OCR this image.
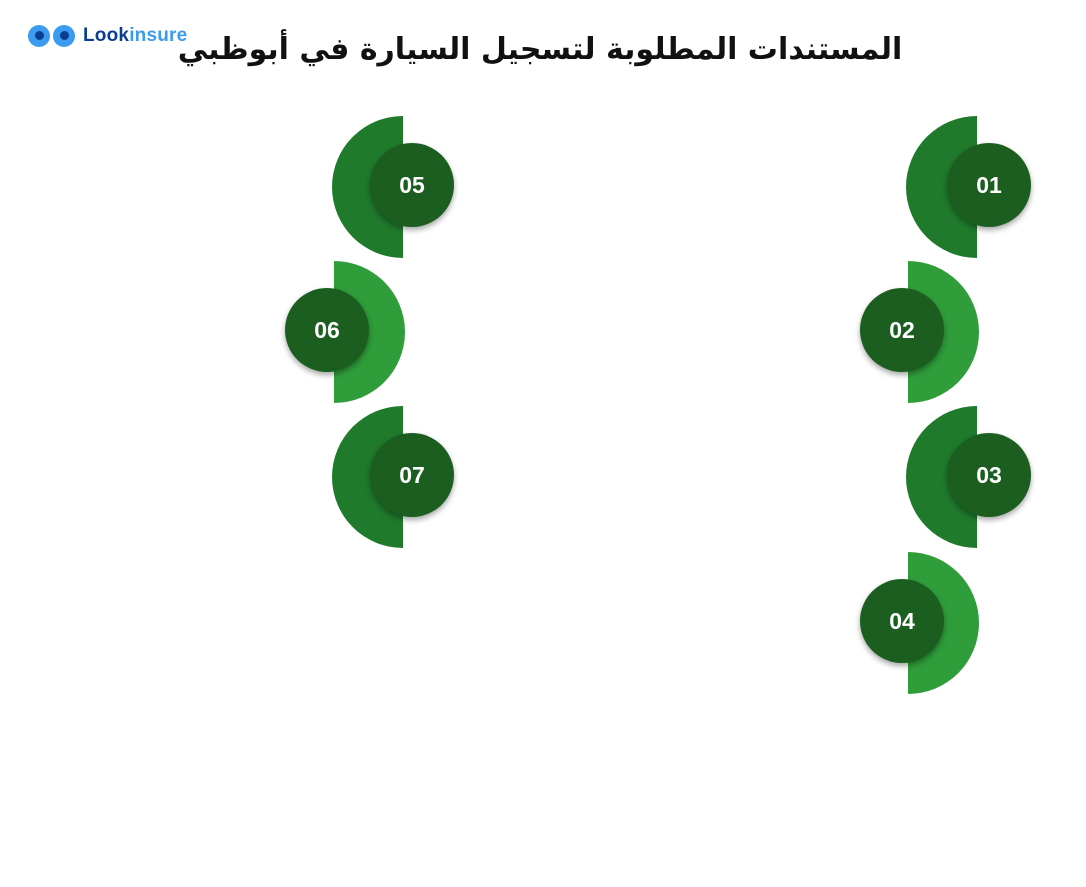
Lookinsure
المستندات المطلوبة لتسجيل السيارة في أبوظبي
01
02
03
04
05
06
07
